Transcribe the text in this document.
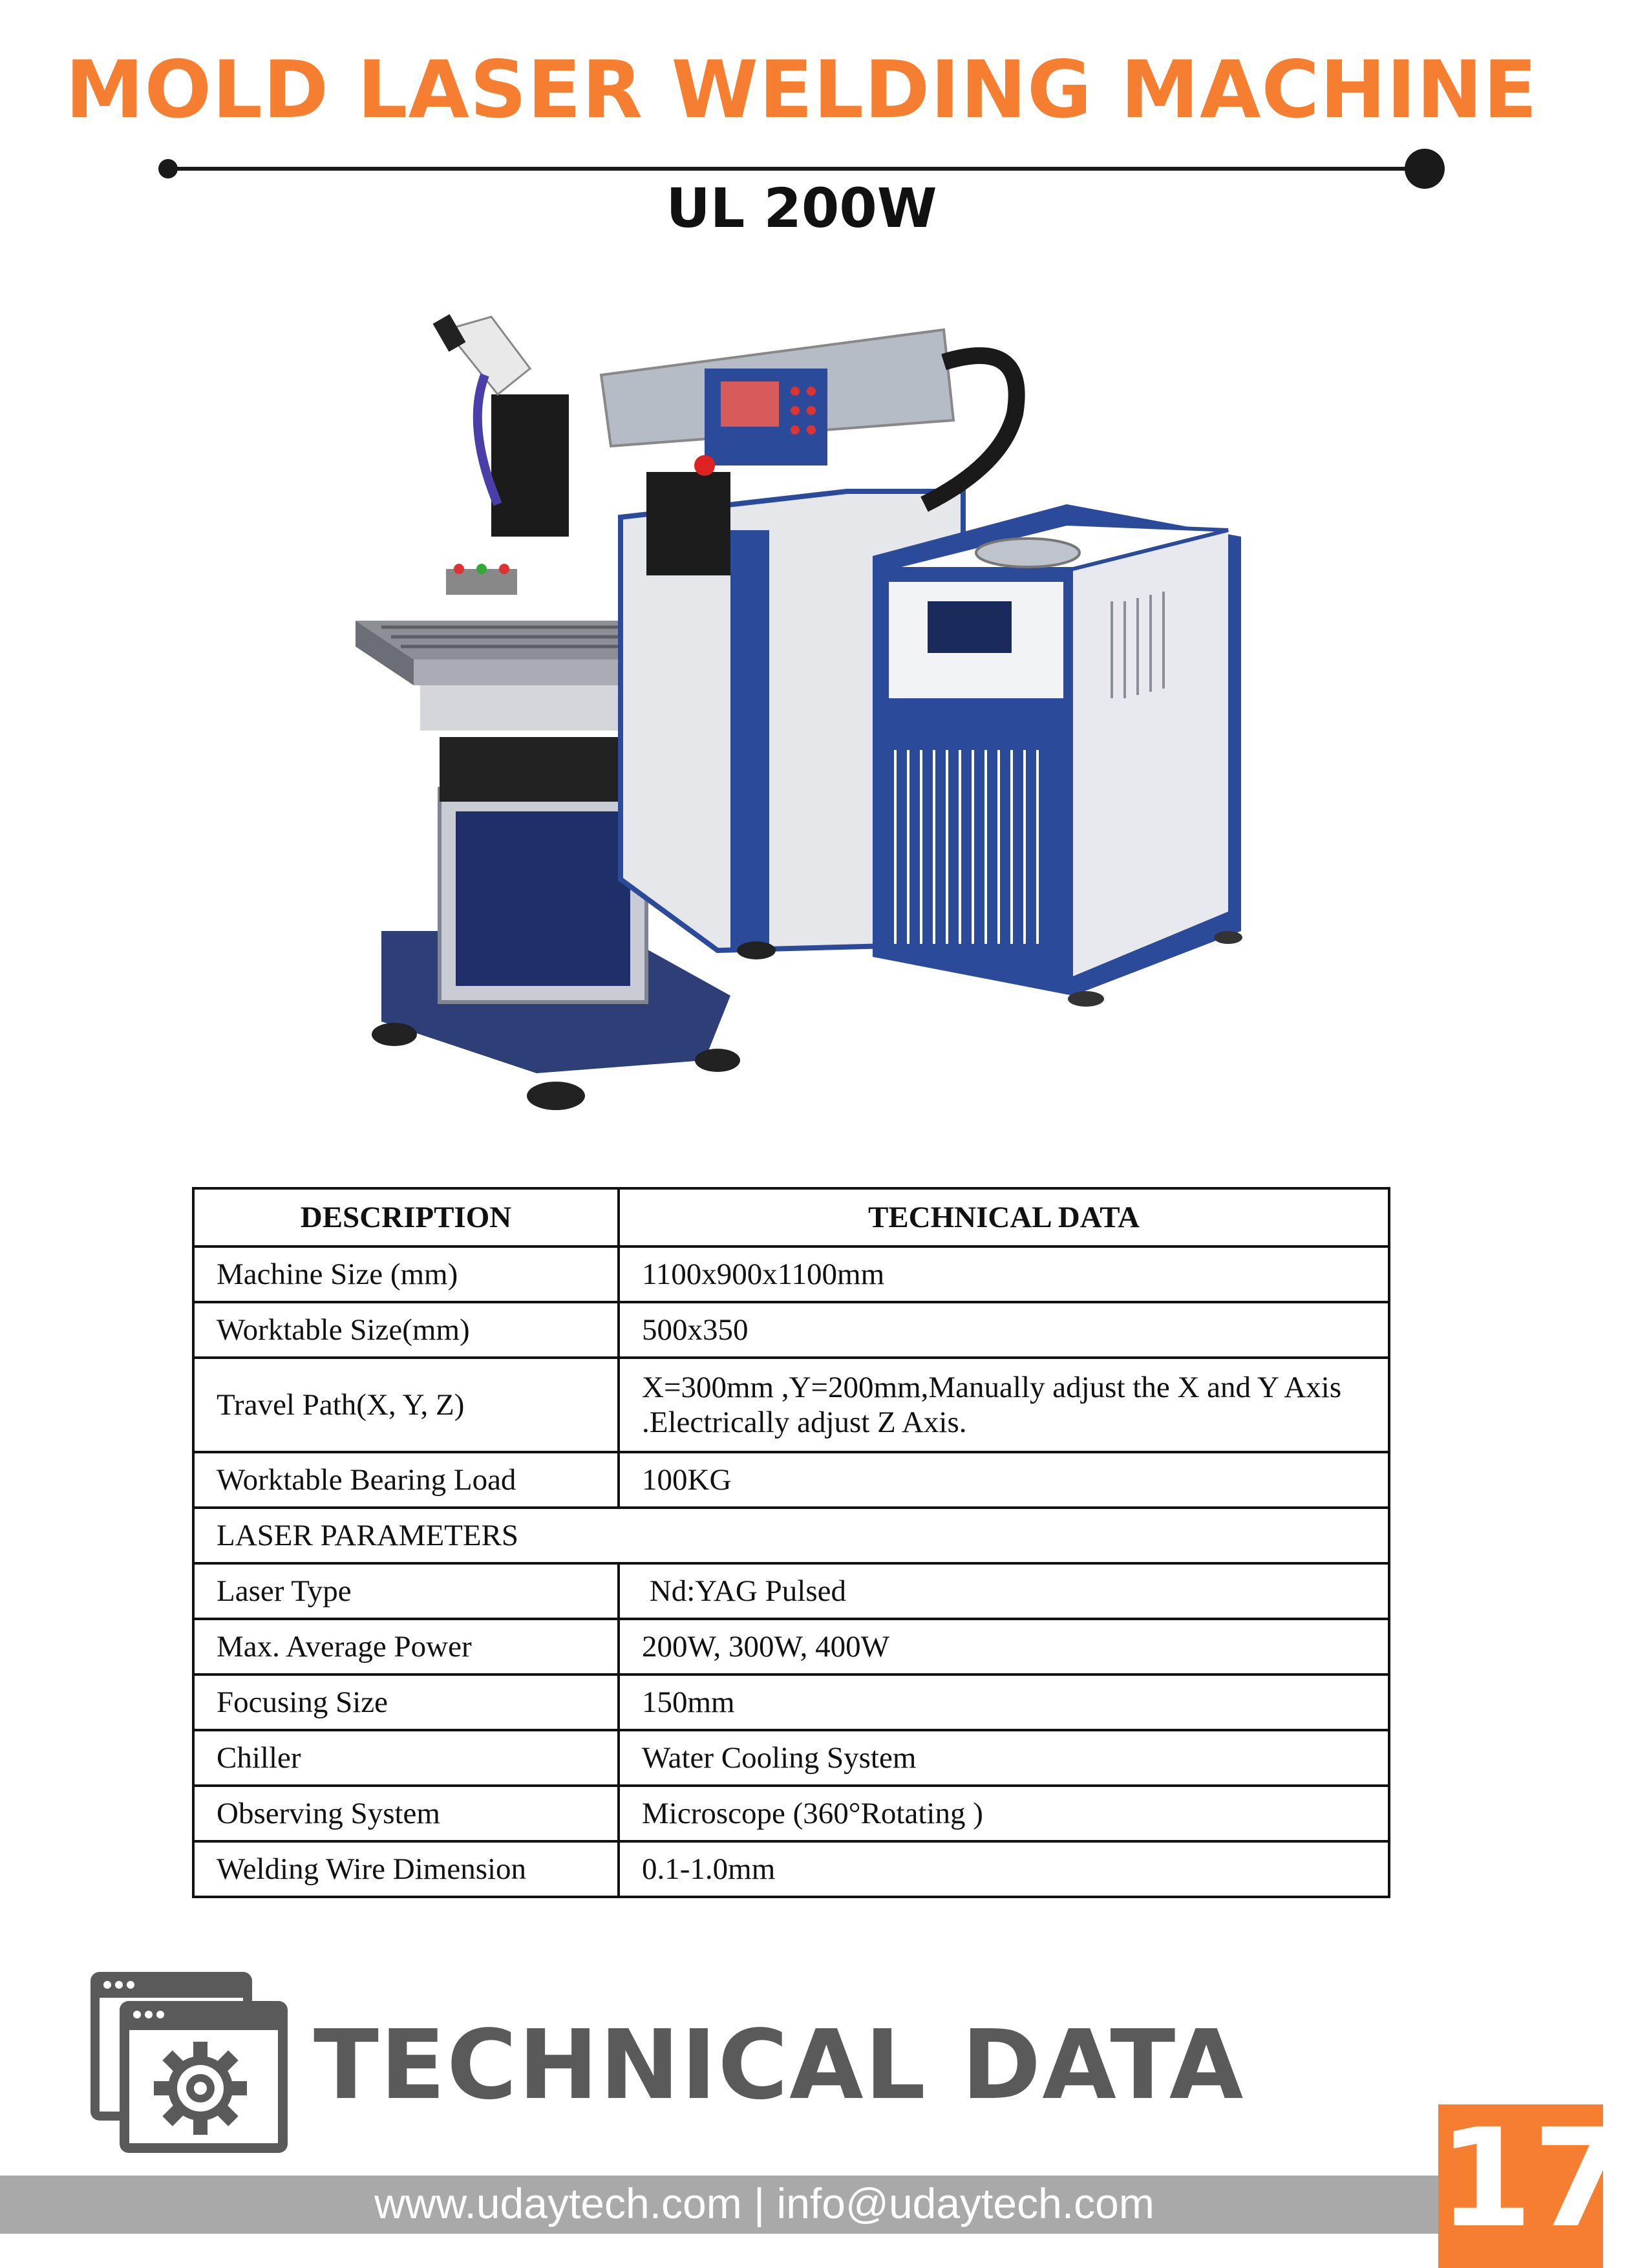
MOLD LASER WELDING MACHINE
UL 200W
DESCRIPTION	TECHNICAL DATA
Machine Size (mm)	1100x900x1100mm
Worktable Size(mm)	500x350
Travel Path(X, Y, Z)	X=300mm ,Y=200mm,Manually adjust the X and Y Axis .Electrically adjust Z Axis.
Worktable Bearing Load	100KG
LASER PARAMETERS	
Laser Type	Nd:YAG Pulsed
Max. Average Power	200W, 300W, 400W
Focusing Size	150mm
Chiller	Water Cooling System
Observing System	Microscope (360°Rotating )
Welding Wire Dimension	0.1-1.0mm
TECHNICAL DATA
www.udaytech.com | info@udaytech.com	17
